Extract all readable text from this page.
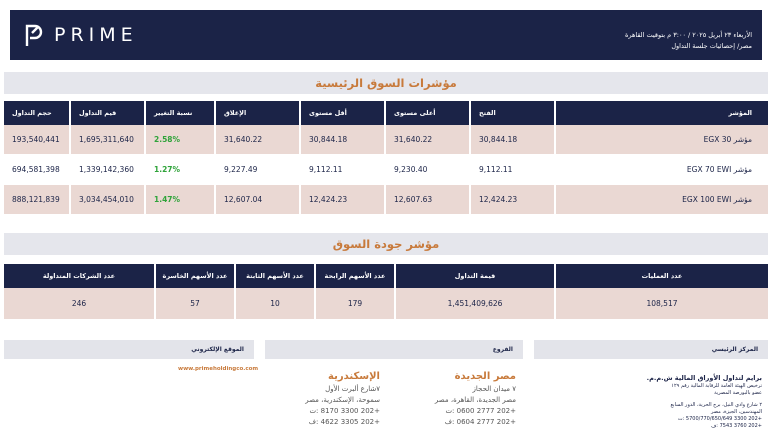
PRIME	الأربعاء ٢٣ أبريل ٢٠٢٥ / ٣:٠٠ م بتوقيت القاهرة
مصر/ إحصائيات جلسة التداول
مؤشرات السوق الرئيسية
المؤشر	الفتح	أعلى مستوى	أقل مستوى	الإغلاق	نسبة التغيير	قيم التداول	حجم التداول
مؤشر EGX 30	30,844.18	31,640.22	30,844.18	31,640.22	2.58%	1,695,311,640	193,540,441
مؤشر EGX 70 EWI	9,112.11	9,230.40	9,112.11	9,227.49	1.27%	1,339,142,360	694,581,398
مؤشر EGX 100 EWI	12,424.23	12,607.63	12,424.23	12,607.04	1.47%	3,034,454,010	888,121,839
مؤشر جودة السوق
عدد العمليات	قيمة التداول	عدد الأسهم الرابحة	عدد الأسهم الثابتة	عدد الأسهم الخاسرة	عدد الشركات المتداولة
108,517	1,451,409,626	179	10	57	246
المركز الرئيسي
الفروع
الموقع الإلكتروني
www.primeholdingco.com
مصر الجديدة
٧ ميدان الحجاز
مصر الجديدة، القاهرة، مصر
+202 2777 0600 :ت
+202 2777 0604 :ف
الإسكندرية
٧شارع ألبرت الأول
سموحة، الإسكندرية، مصر
+202 3300 8170 :ت
+202 3305 4622 :ف
برايم لتداول الأوراق المالية ش.م.م.
ترخيص الهيئة العامة للرقابة المالية رقم ١٢٩
عضو بالبورصة المصرية
٢ شارع وادي النيل، برج الحرية، الدور السابع
المهندسين، الجيزة، مصر
+202 3300 5700/770/650/649 :ت
+202 3760 7543 :ف
